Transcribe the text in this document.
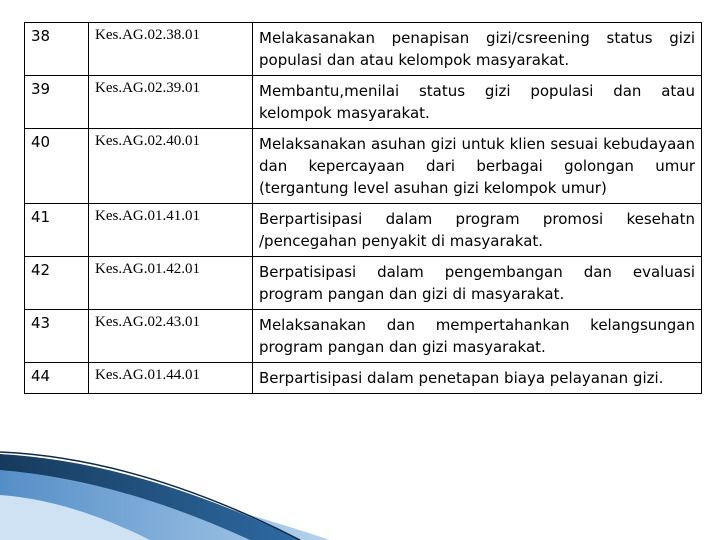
38	Kes.AG.02.38.01	Melakasanakan penapisan gizi/csreening status gizi populasi dan atau kelompok masyarakat.
39	Kes.AG.02.39.01	Membantu,menilai status gizi populasi dan atau kelompok masyarakat.
40	Kes.AG.02.40.01	Melaksanakan asuhan gizi untuk klien sesuai kebudayaan dan kepercayaan dari berbagai golongan umur (tergantung level asuhan gizi kelompok umur)
41	Kes.AG.01.41.01	Berpartisipasi dalam program promosi kesehatn /pencegahan penyakit di masyarakat.
42	Kes.AG.01.42.01	Berpatisipasi dalam pengembangan dan evaluasi program pangan dan gizi di masyarakat.
43	Kes.AG.02.43.01	Melaksanakan dan mempertahankan kelangsungan program pangan dan gizi masyarakat.
44	Kes.AG.01.44.01	Berpartisipasi dalam penetapan biaya pelayanan gizi.
